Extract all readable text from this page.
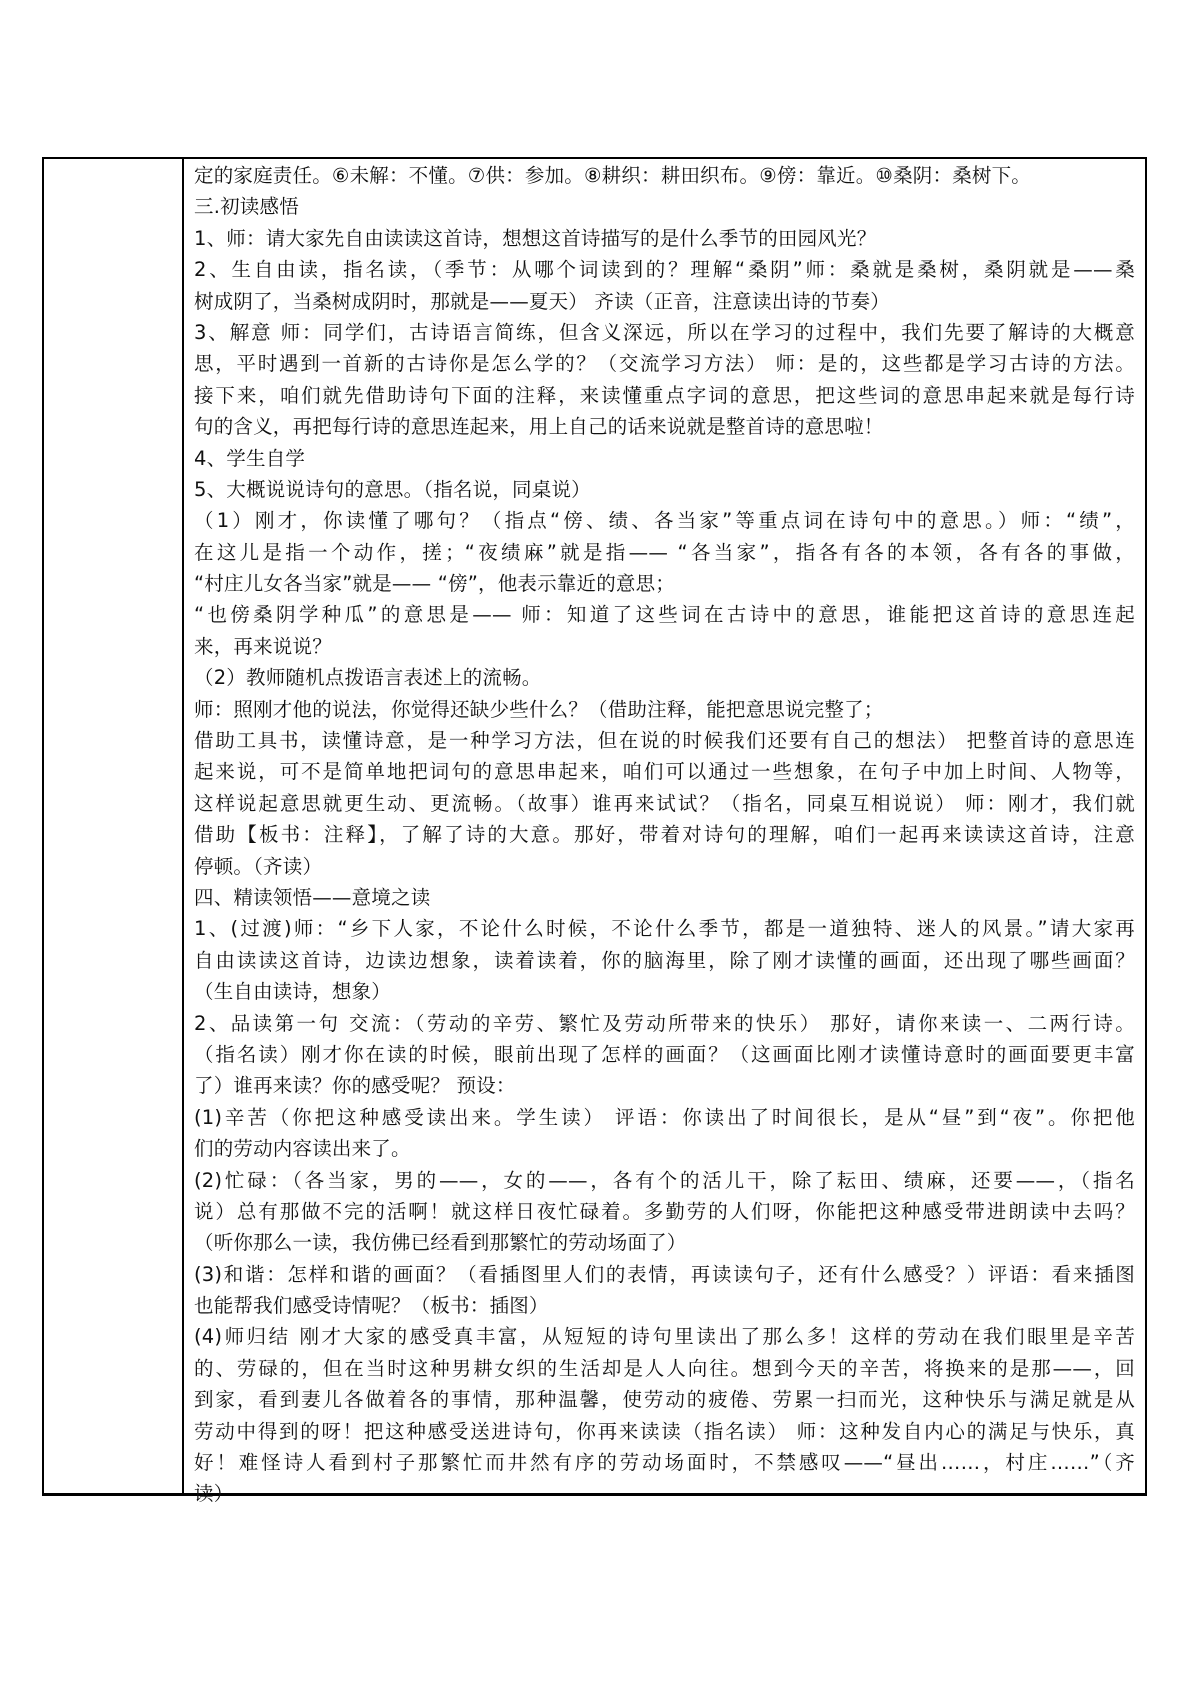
定的家庭责任。⑥未解：不懂。⑦供：参加。⑧耕织：耕田织布。⑨傍：靠近。⑩桑阴：桑树下。
三.初读感悟
1、师：请大家先自由读读这首诗，想想这首诗描写的是什么季节的田园风光？
2、生自由读，指名读，（季节：从哪个词读到的？理解“桑阴”师：桑就是桑树，桑阴就是——桑
树成阴了，当桑树成阴时，那就是——夏天） 齐读（正音，注意读出诗的节奏）
3、解意 师：同学们，古诗语言简练，但含义深远，所以在学习的过程中，我们先要了解诗的大概意
思，平时遇到一首新的古诗你是怎么学的？（交流学习方法） 师：是的，这些都是学习古诗的方法。
接下来，咱们就先借助诗句下面的注释，来读懂重点字词的意思，把这些词的意思串起来就是每行诗
句的含义，再把每行诗的意思连起来，用上自己的话来说就是整首诗的意思啦！
4、学生自学
5、大概说说诗句的意思。（指名说，同桌说）
（1）刚才，你读懂了哪句？（指点“傍、绩、各当家”等重点词在诗句中的意思。）师：“绩”，
在这儿是指一个动作，搓；“夜绩麻”就是指—— “各当家”，指各有各的本领，各有各的事做，
“村庄儿女各当家”就是—— “傍”，他表示靠近的意思；
“也傍桑阴学种瓜”的意思是—— 师：知道了这些词在古诗中的意思，谁能把这首诗的意思连起
来，再来说说？
（2）教师随机点拨语言表述上的流畅。
师：照刚才他的说法，你觉得还缺少些什么？（借助注释，能把意思说完整了；
借助工具书，读懂诗意，是一种学习方法，但在说的时候我们还要有自己的想法） 把整首诗的意思连
起来说，可不是简单地把词句的意思串起来，咱们可以通过一些想象，在句子中加上时间、人物等，
这样说起意思就更生动、更流畅。（故事）谁再来试试？（指名，同桌互相说说） 师：刚才，我们就
借助【板书：注释】，了解了诗的大意。那好，带着对诗句的理解，咱们一起再来读读这首诗，注意
停顿。（齐读）
四、精读领悟——意境之读
1、(过渡)师：“乡下人家，不论什么时候，不论什么季节，都是一道独特、迷人的风景。”请大家再
自由读读这首诗，边读边想象，读着读着，你的脑海里，除了刚才读懂的画面，还出现了哪些画面？
（生自由读诗，想象）
2、品读第一句 交流：（劳动的辛劳、繁忙及劳动所带来的快乐） 那好，请你来读一、二两行诗。
（指名读）刚才你在读的时候，眼前出现了怎样的画面？（这画面比刚才读懂诗意时的画面要更丰富
了）谁再来读？你的感受呢？ 预设：
(1)辛苦（你把这种感受读出来。学生读） 评语：你读出了时间很长，是从“昼”到“夜”。你把他
们的劳动内容读出来了。
(2)忙碌：（各当家，男的——，女的——，各有个的活儿干，除了耘田、绩麻，还要——，（指名
说）总有那做不完的活啊！就这样日夜忙碌着。多勤劳的人们呀，你能把这种感受带进朗读中去吗？
（听你那么一读，我仿佛已经看到那繁忙的劳动场面了）
(3)和谐：怎样和谐的画面？（看插图里人们的表情，再读读句子，还有什么感受？）评语：看来插图
也能帮我们感受诗情呢？（板书：插图）
(4)师归结 刚才大家的感受真丰富，从短短的诗句里读出了那么多！这样的劳动在我们眼里是辛苦
的、劳碌的，但在当时这种男耕女织的生活却是人人向往。想到今天的辛苦，将换来的是那——，回
到家，看到妻儿各做着各的事情，那种温馨，使劳动的疲倦、劳累一扫而光，这种快乐与满足就是从
劳动中得到的呀！把这种感受送进诗句，你再来读读（指名读） 师：这种发自内心的满足与快乐，真
好！难怪诗人看到村子那繁忙而井然有序的劳动场面时，不禁感叹——“昼出……，村庄……”（齐
读）
